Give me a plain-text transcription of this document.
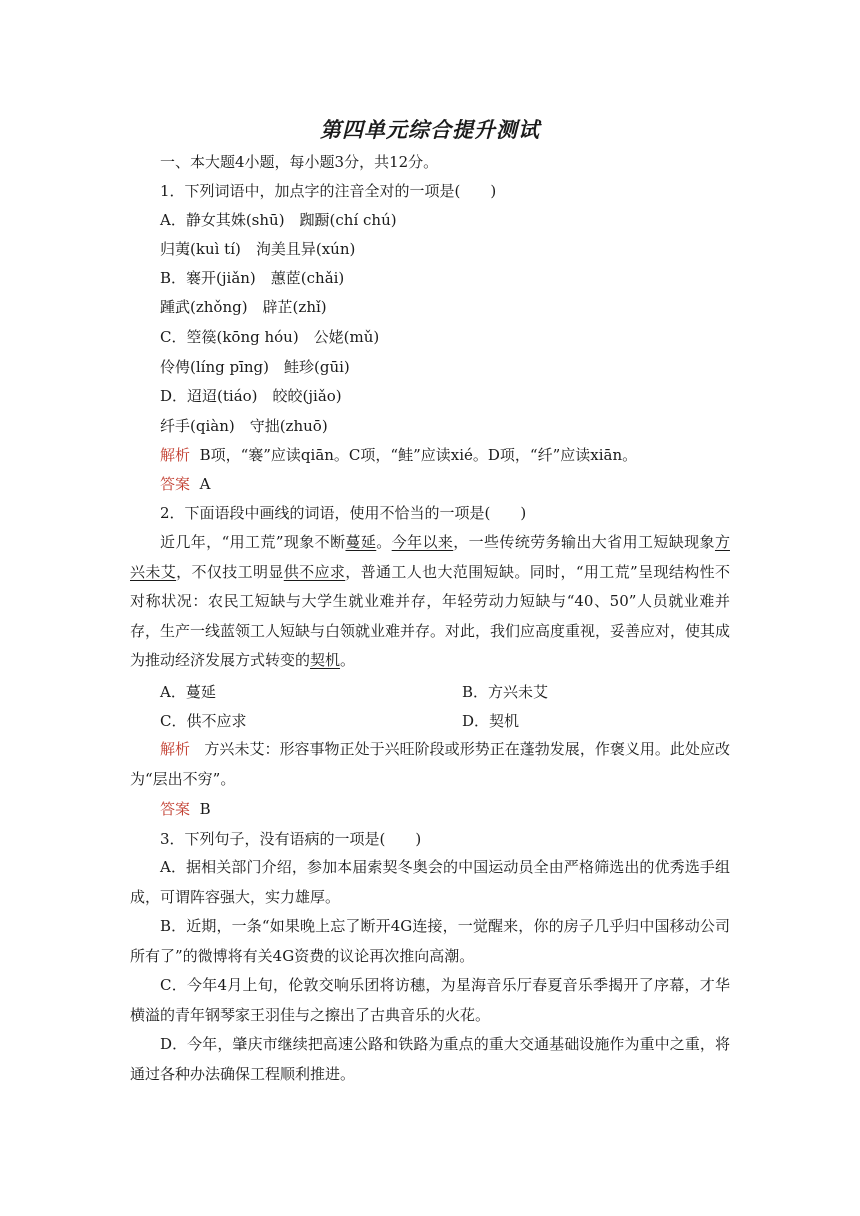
第四单元综合提升测试
一、本大题4小题，每小题3分，共12分。
1．下列词语中，加点字的注音全对的一项是(　　)
A．静女其姝(shū)　踟蹰(chí chú)
归荑(kuì tí)　洵美且异(xún)
B．褰开(jiǎn)　蕙茝(chǎi)
踵武(zhǒng)　辟芷(zhǐ)
C．箜篌(kōng hóu)　公姥(mǔ)
伶俜(líng pīng)　鲑珍(gūi)
D．迢迢(tiáo)　皎皎(jiǎo)
纤手(qiàn)　守拙(zhuō)
解析 B项，“褰”应读qiān。C项，“鲑”应读xié。D项，“纤”应读xiān。
答案 A
2．下面语段中画线的词语，使用不恰当的一项是(　　)
近几年，“用工荒”现象不断蔓延。今年以来，一些传统劳务输出大省用工短缺现象方兴未艾，不仅技工明显供不应求，普通工人也大范围短缺。同时，“用工荒”呈现结构性不对称状况：农民工短缺与大学生就业难并存，年轻劳动力短缺与“40、50”人员就业难并存，生产一线蓝领工人短缺与白领就业难并存。对此，我们应高度重视，妥善应对，使其成为推动经济发展方式转变的契机。
A．蔓延	B．方兴未艾
C．供不应求	D．契机
解析 方兴未艾：形容事物正处于兴旺阶段或形势正在蓬勃发展，作褒义用。此处应改为“层出不穷”。
答案 B
3．下列句子，没有语病的一项是(　　)
A．据相关部门介绍，参加本届索契冬奥会的中国运动员全由严格筛选出的优秀选手组成，可谓阵容强大，实力雄厚。
B．近期，一条“如果晚上忘了断开4G连接，一觉醒来，你的房子几乎归中国移动公司所有了”的微博将有关4G资费的议论再次推向高潮。
C．今年4月上旬，伦敦交响乐团将访穗，为星海音乐厅春夏音乐季揭开了序幕，才华横溢的青年钢琴家王羽佳与之擦出了古典音乐的火花。
D．今年，肇庆市继续把高速公路和铁路为重点的重大交通基础设施作为重中之重，将通过各种办法确保工程顺利推进。
